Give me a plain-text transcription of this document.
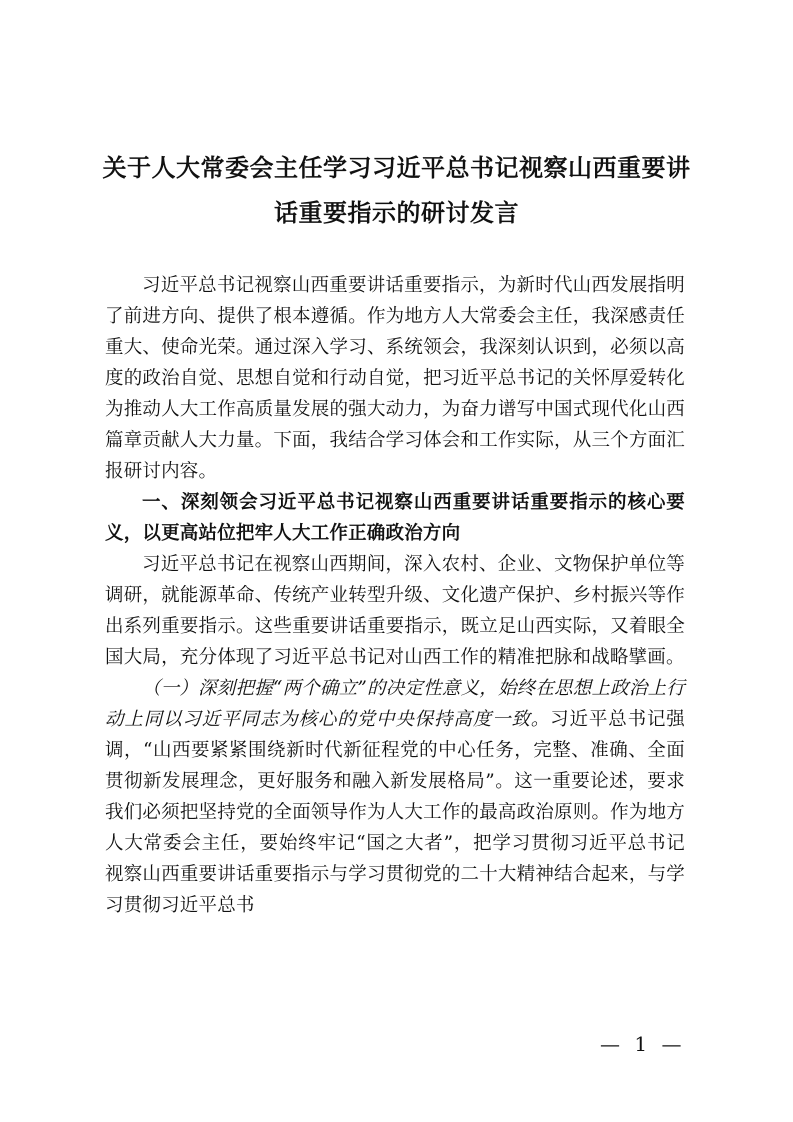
关于人大常委会主任学习习近平总书记视察山西重要讲
话重要指示的研讨发言

习近平总书记视察山西重要讲话重要指示，为新时代山西发展指明了前进方向、提供了根本遵循。作为地方人大常委会主任，我深感责任重大、使命光荣。通过深入学习、系统领会，我深刻认识到，必须以高度的政治自觉、思想自觉和行动自觉，把习近平总书记的关怀厚爱转化为推动人大工作高质量发展的强大动力，为奋力谱写中国式现代化山西篇章贡献人大力量。下面，我结合学习体会和工作实际，从三个方面汇报研讨内容。

一、深刻领会习近平总书记视察山西重要讲话重要指示的核心要义，以更高站位把牢人大工作正确政治方向

习近平总书记在视察山西期间，深入农村、企业、文物保护单位等调研，就能源革命、传统产业转型升级、文化遗产保护、乡村振兴等作出系列重要指示。这些重要讲话重要指示，既立足山西实际，又着眼全国大局，充分体现了习近平总书记对山西工作的精准把脉和战略擘画。

（一）深刻把握“两个确立”的决定性意义，始终在思想上政治上行动上同以习近平同志为核心的党中央保持高度一致。习近平总书记强调，“山西要紧紧围绕新时代新征程党的中心任务，完整、准确、全面贯彻新发展理念，更好服务和融入新发展格局”。这一重要论述，要求我们必须把坚持党的全面领导作为人大工作的最高政治原则。作为地方人大常委会主任，要始终牢记“国之大者”，把学习贯彻习近平总书记视察山西重要讲话重要指示与学习贯彻党的二十大精神结合起来，与学习贯彻习近平总书

— 1 —
